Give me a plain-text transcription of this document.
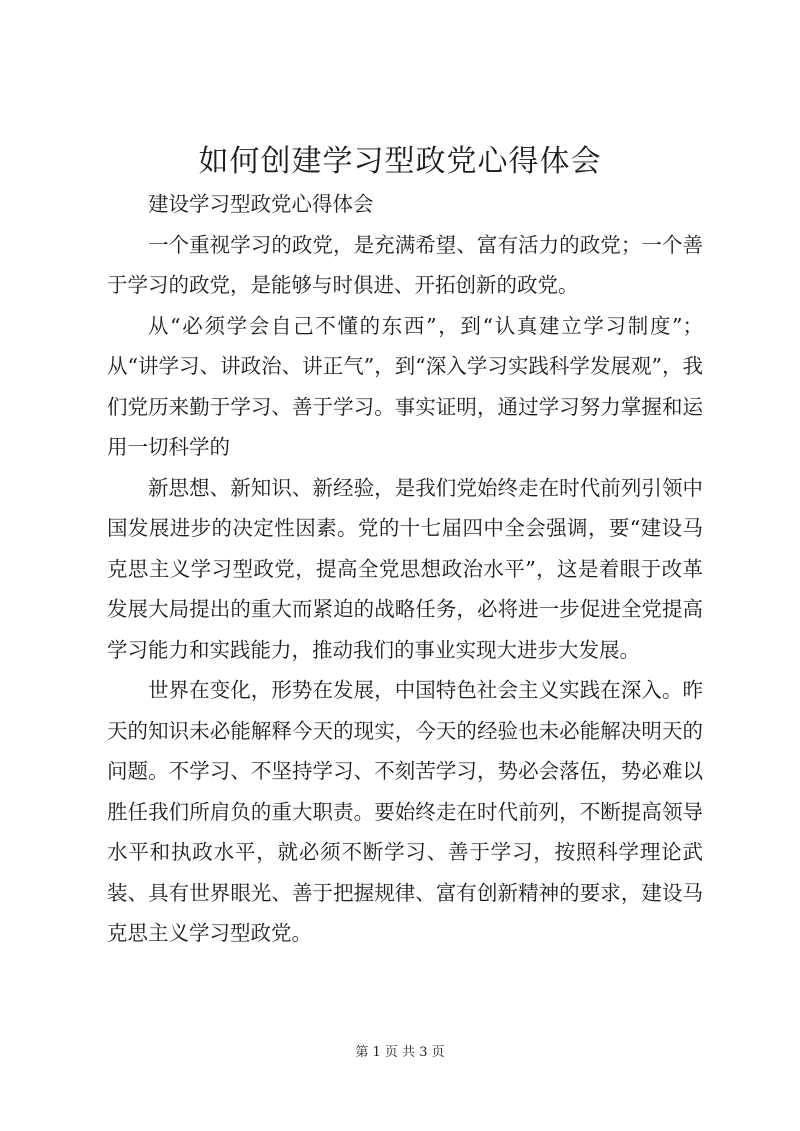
如何创建学习型政党心得体会

建设学习型政党心得体会

一个重视学习的政党，是充满希望、富有活力的政党；一个善于学习的政党，是能够与时俱进、开拓创新的政党。

从“必须学会自己不懂的东西”，到“认真建立学习制度”；从“讲学习、讲政治、讲正气”，到“深入学习实践科学发展观”，我们党历来勤于学习、善于学习。事实证明，通过学习努力掌握和运用一切科学的

新思想、新知识、新经验，是我们党始终走在时代前列引领中国发展进步的决定性因素。党的十七届四中全会强调，要“建设马克思主义学习型政党，提高全党思想政治水平”，这是着眼于改革发展大局提出的重大而紧迫的战略任务，必将进一步促进全党提高学习能力和实践能力，推动我们的事业实现大进步大发展。

世界在变化，形势在发展，中国特色社会主义实践在深入。昨天的知识未必能解释今天的现实，今天的经验也未必能解决明天的问题。不学习、不坚持学习、不刻苦学习，势必会落伍，势必难以胜任我们所肩负的重大职责。要始终走在时代前列，不断提高领导水平和执政水平，就必须不断学习、善于学习，按照科学理论武装、具有世界眼光、善于把握规律、富有创新精神的要求，建设马克思主义学习型政党。

第 1 页 共 3 页
